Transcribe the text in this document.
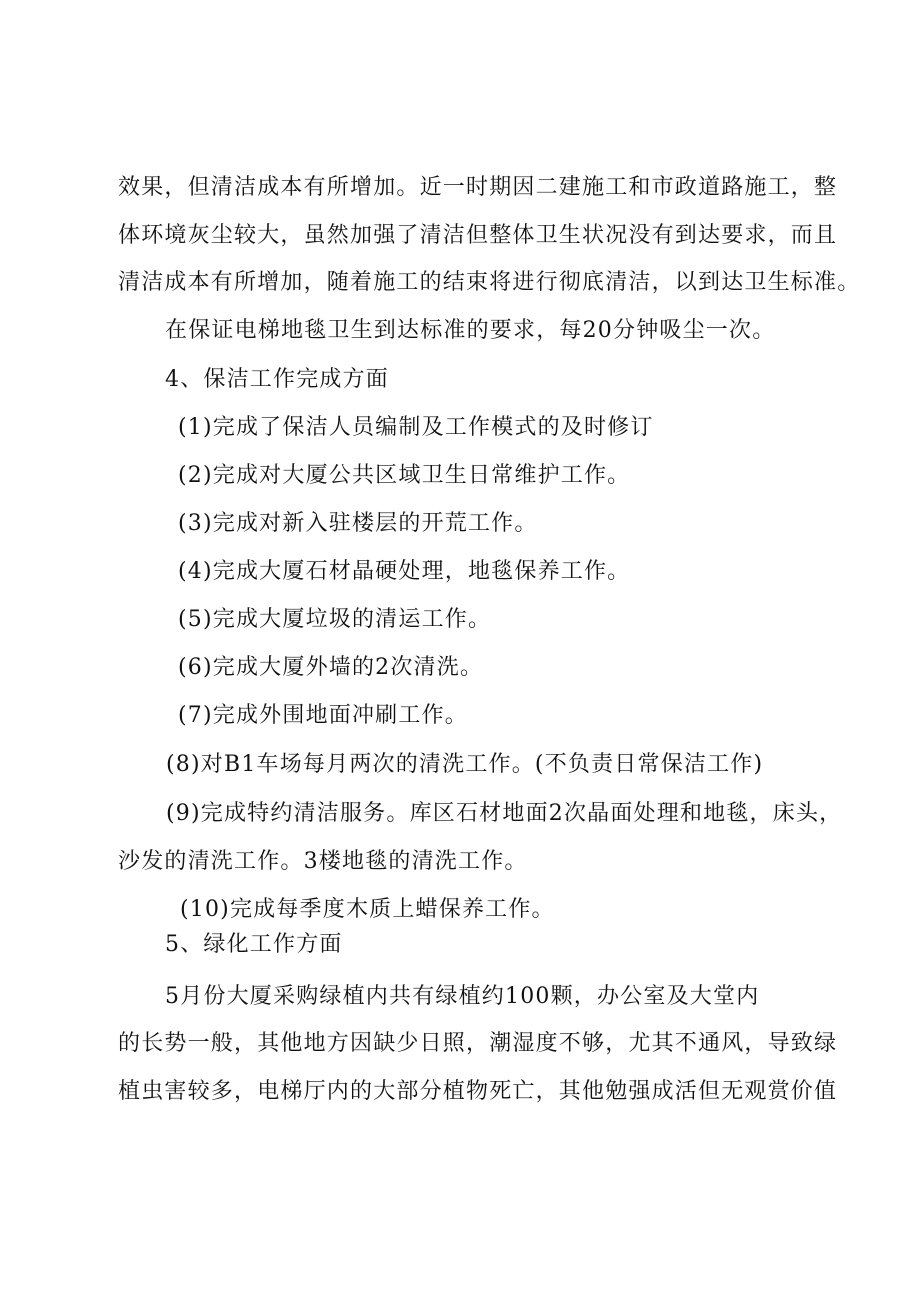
效果，但清洁成本有所增加。近一时期因二建施工和市政道路施工，整
体环境灰尘较大，虽然加强了清洁但整体卫生状况没有到达要求，而且
清洁成本有所增加，随着施工的结束将进行彻底清洁，以到达卫生标准。
在保证电梯地毯卫生到达标准的要求，每20分钟吸尘一次。
4、保洁工作完成方面
(1)完成了保洁人员编制及工作模式的及时修订
(2)完成对大厦公共区域卫生日常维护工作。
(3)完成对新入驻楼层的开荒工作。
(4)完成大厦石材晶硬处理，地毯保养工作。
(5)完成大厦垃圾的清运工作。
(6)完成大厦外墙的2次清洗。
(7)完成外围地面冲刷工作。
(8)对B1车场每月两次的清洗工作。(不负责日常保洁工作)
(9)完成特约清洁服务。库区石材地面2次晶面处理和地毯，床头，
沙发的清洗工作。3楼地毯的清洗工作。
(10)完成每季度木质上蜡保养工作。
5、绿化工作方面
5月份大厦采购绿植内共有绿植约100颗，办公室及大堂内
的长势一般，其他地方因缺少日照，潮湿度不够，尤其不通风，导致绿
植虫害较多，电梯厅内的大部分植物死亡，其他勉强成活但无观赏价值
